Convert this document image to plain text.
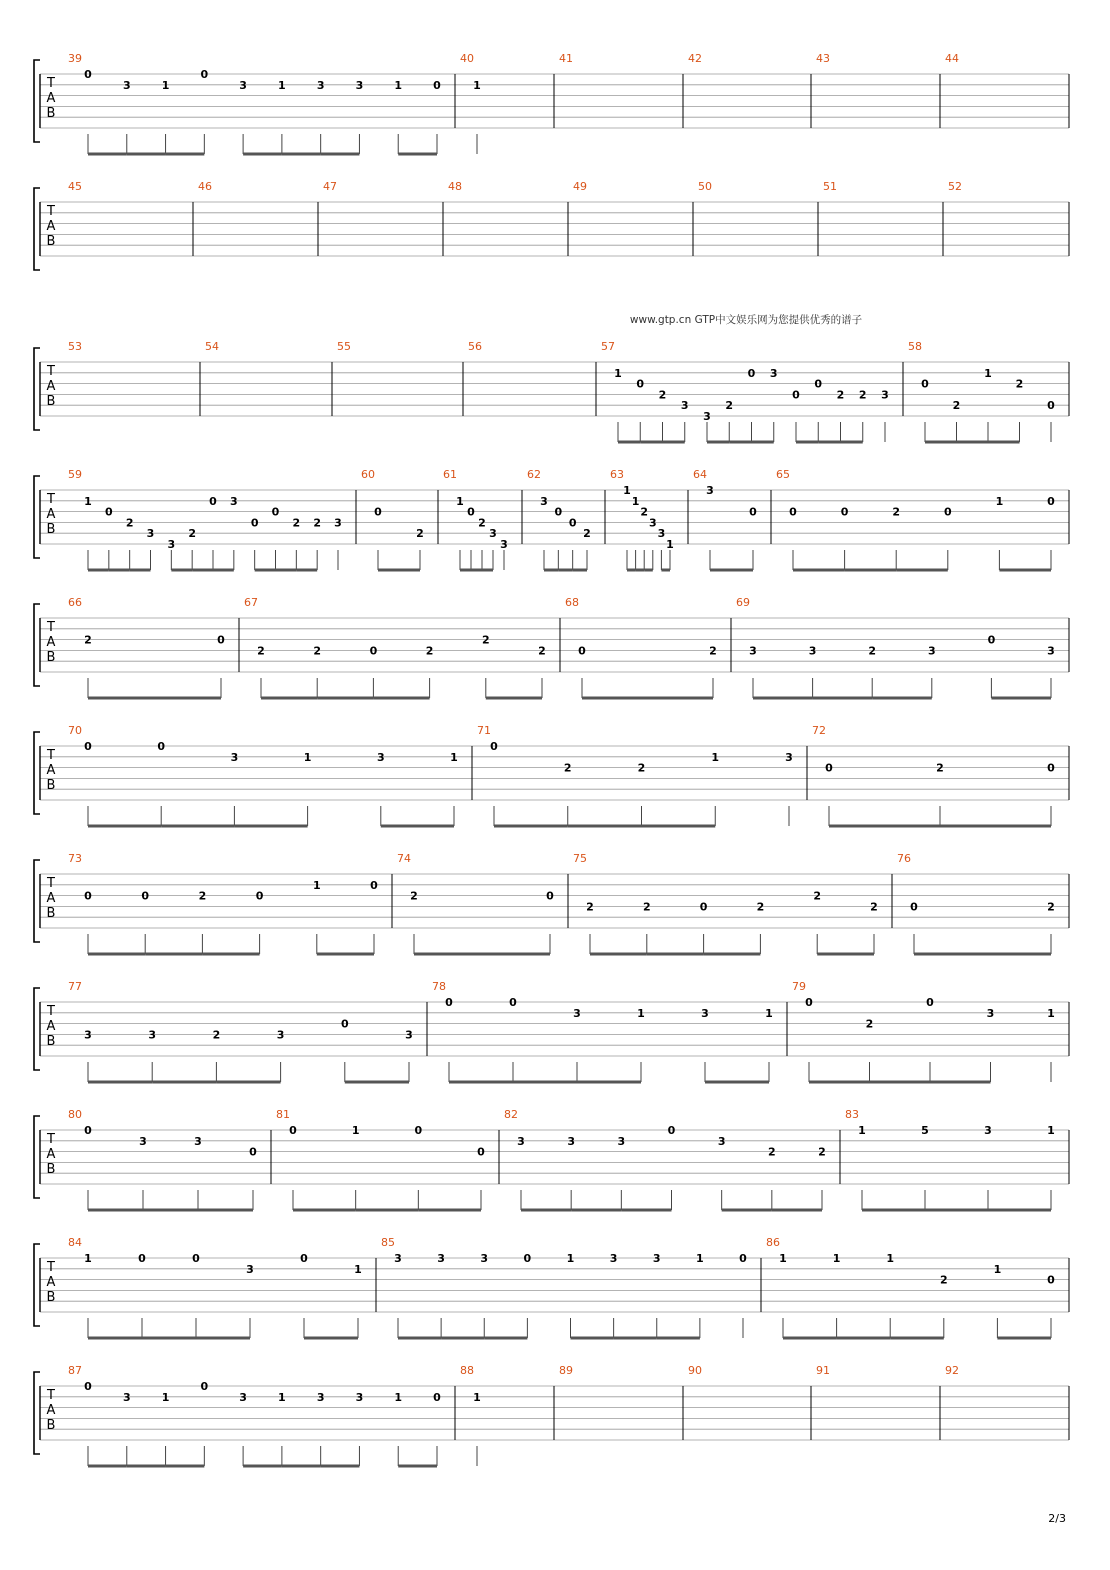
www.gtp.cn GTP中文娱乐网为您提供优秀的谱子
2/3
T
A
B
39
0
3	1
0
3	1	3	3	1	0
40
1
41	42	43	44
T
A
B
45	46	47	48	49	50	51	52
T
A
B
53	54	55	56	57
1
0
2
3
3
2
0 3
0
0
2 2 3
58
0
2
1
2
0
T
A
B
59
1
0
2
3
3
2
0 3
0
0
2 2 3
60
0
2
61
1
0
2
3
3
62
3
0
0
2
63
1
1
2
3
3
1
64
3
0
65
0	0	2	0
1	0
T
A
B
66
2	0
67
2	2	0	2
2
2
68
0	2
69
3	3	2	3
0
3
T
A
B
70
0	0
3	1	3	1
71
0
2	2
1	3
72
0	2	0
T
A
B
73
0	0	2	0
1	0
74
2	0
75
2	2	0	2
2
2
76
0	2
T
A
B
77
3	3	2	3
0
3
78
0	0
3	1	3	1
79
0
2
0
3	1
T
A
B
80
0
3	3
0
81
0	1	0
0
82
3	3	3
0
3
2	2
83
1	5	3	1
T
A
B
84
1	0	0
3
0
1
85
3	3	3	0	1	3	3	1	0
86
1	1	1
2
1
0
T
A
B
87
0
3	1
0
3	1	3	3	1	0
88
1
89	90	91	92
